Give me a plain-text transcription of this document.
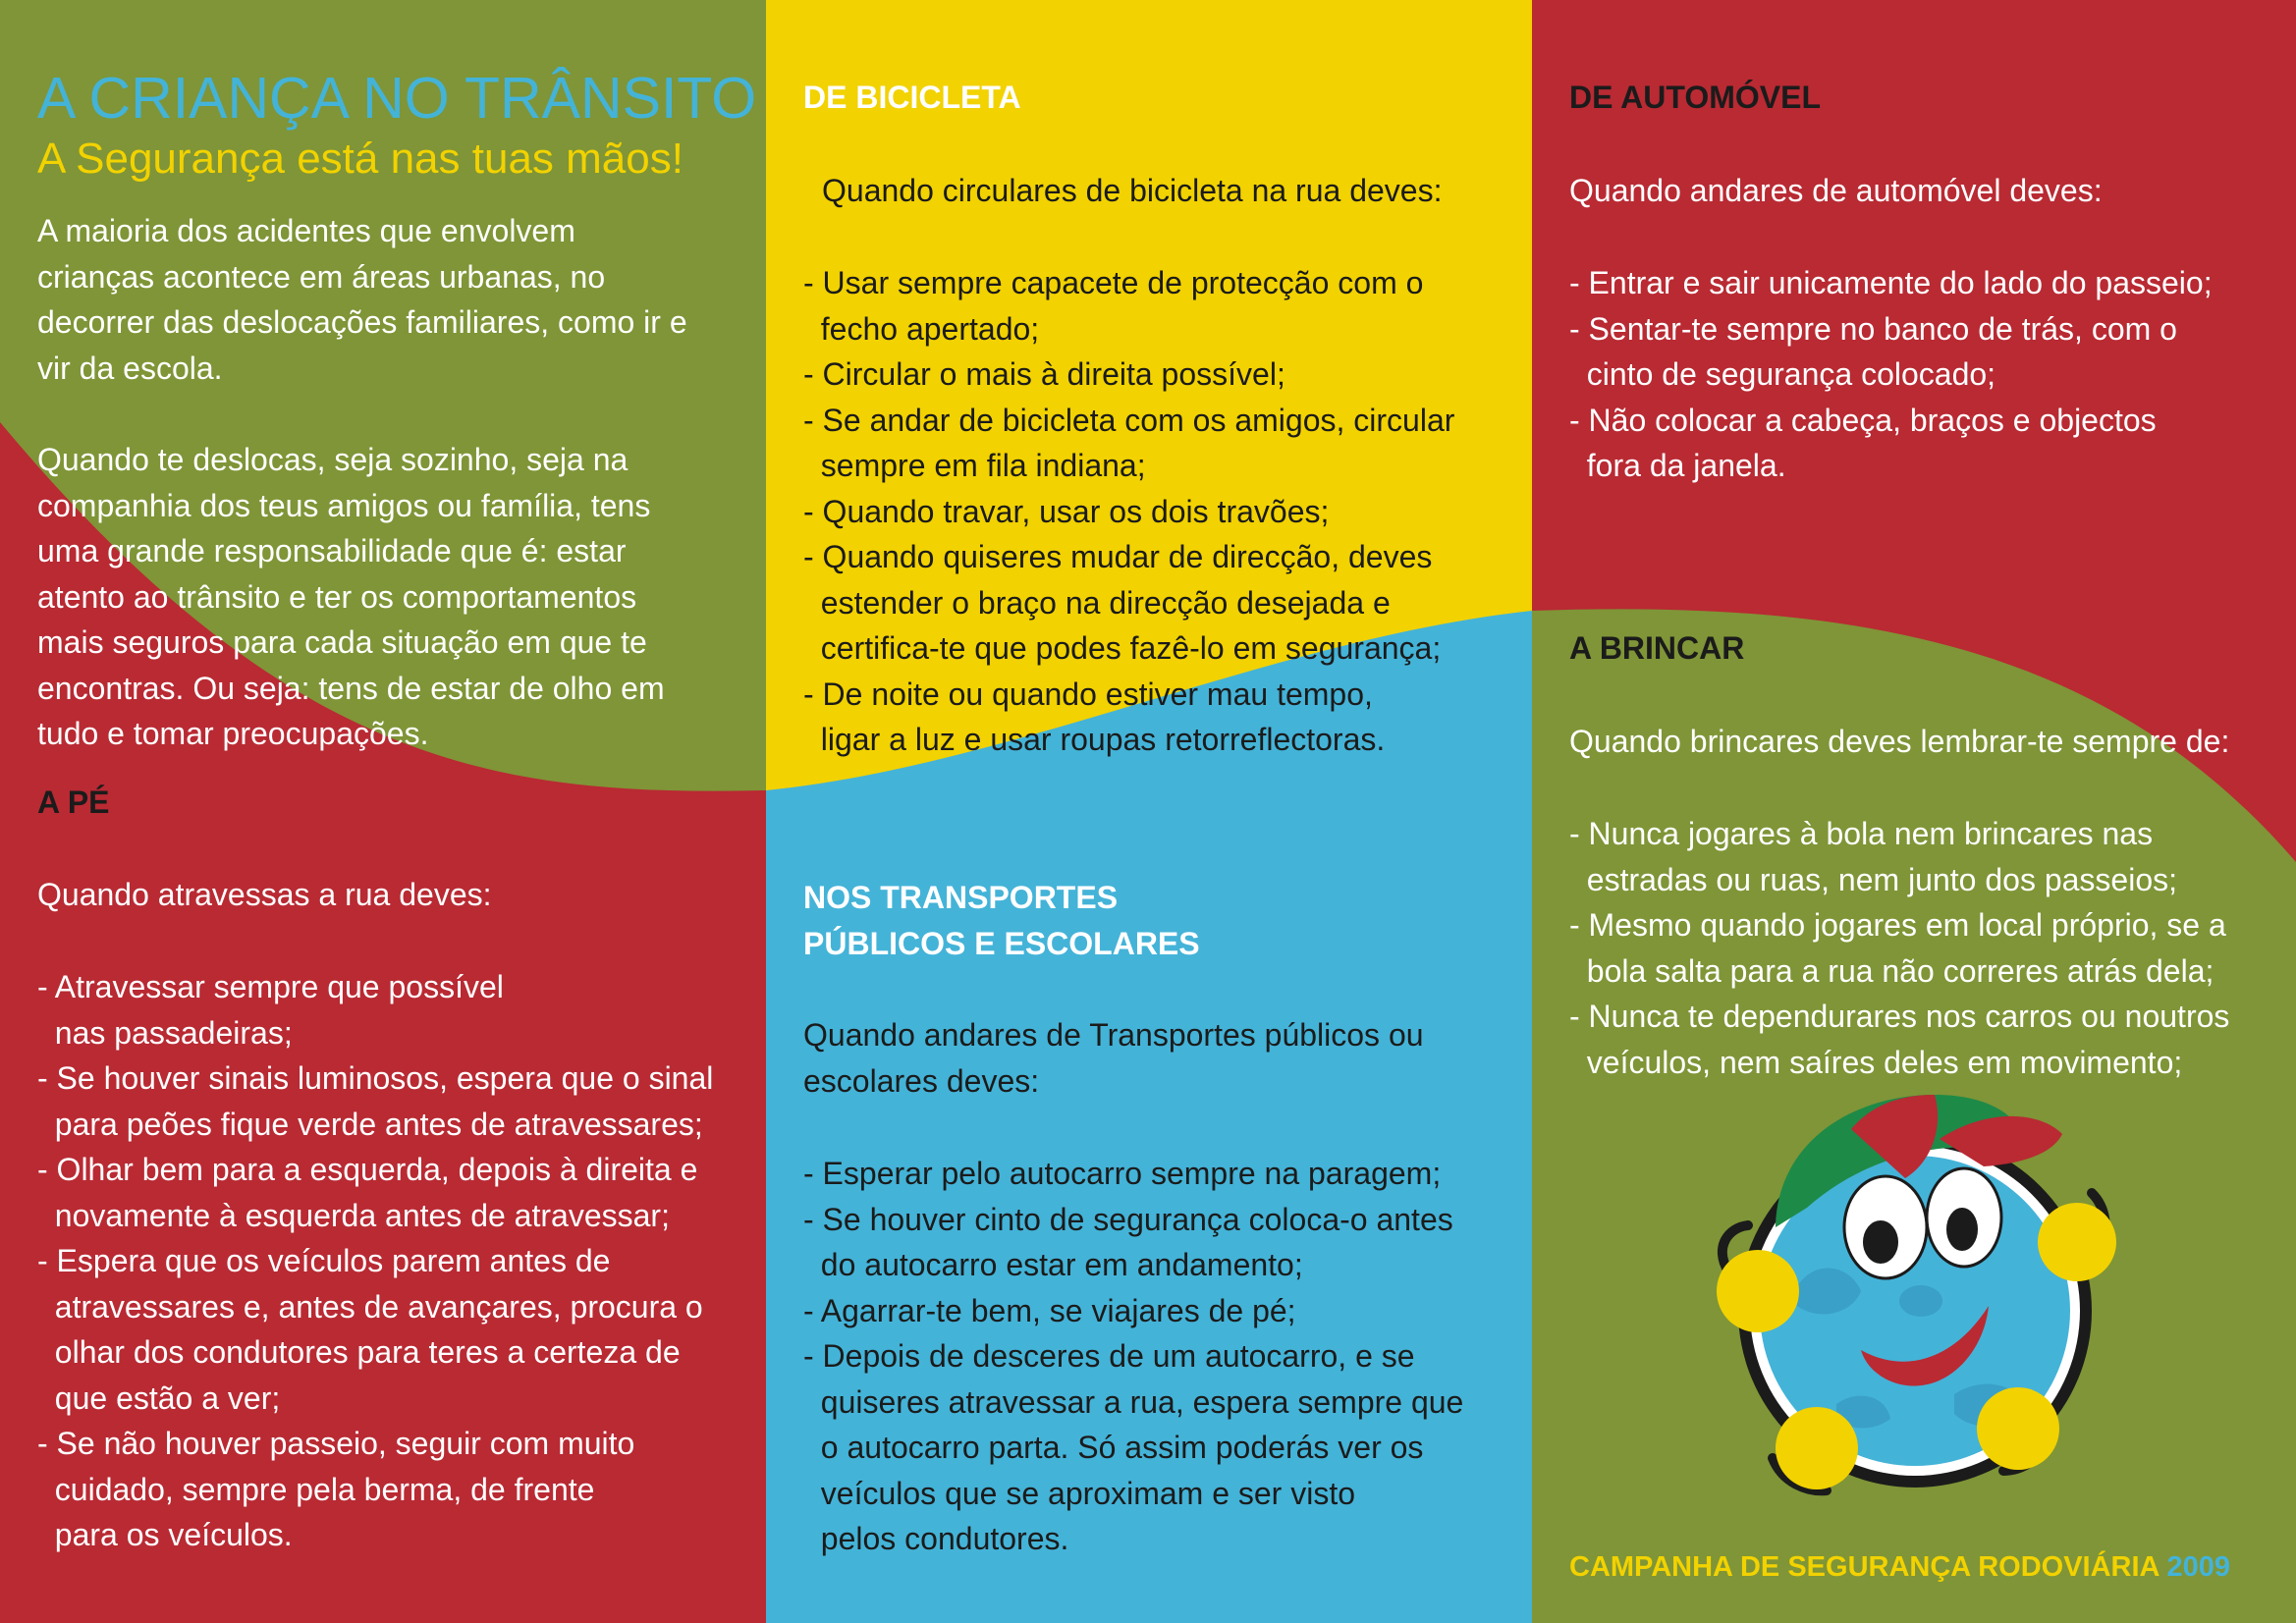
A CRIANÇA NO TRÂNSITO
A Segurança está nas tuas mãos!
A maioria dos acidentes que envolvem
crianças acontece em áreas urbanas, no
decorrer das deslocações familiares, como ir e
vir da escola.
Quando te deslocas, seja sozinho, seja na
companhia dos teus amigos ou família, tens
uma grande responsabilidade que é: estar
atento ao trânsito e ter os comportamentos
mais seguros para cada situação em que te
encontras. Ou seja: tens de estar de olho em
tudo e tomar preocupações.
A PÉ
Quando atravessas a rua deves:
- Atravessar sempre que possível
nas passadeiras;
- Se houver sinais luminosos, espera que o sinal
para peões fique verde antes de atravessares;
- Olhar bem para a esquerda, depois à direita e
novamente à esquerda antes de atravessar;
- Espera que os veículos parem antes de
atravessares e, antes de avançares, procura o
olhar dos condutores para teres a certeza de
que estão a ver;
- Se não houver passeio, seguir com muito
cuidado, sempre pela berma, de frente
para os veículos.
DE BICICLETA
Quando circulares de bicicleta na rua deves:
- Usar sempre capacete de protecção com o
fecho apertado;
- Circular o mais à direita possível;
- Se andar de bicicleta com os amigos, circular
sempre em fila indiana;
- Quando travar, usar os dois travões;
- Quando quiseres mudar de direcção, deves
estender o braço na direcção desejada e
certifica-te que podes fazê-lo em segurança;
- De noite ou quando estiver mau tempo,
ligar a luz e usar roupas retorreflectoras.
NOS TRANSPORTES
PÚBLICOS E ESCOLARES
Quando andares de Transportes públicos ou
escolares deves:
- Esperar pelo autocarro sempre na paragem;
- Se houver cinto de segurança coloca-o antes
do autocarro estar em andamento;
- Agarrar-te bem, se viajares de pé;
- Depois de desceres de um autocarro, e se
quiseres atravessar a rua, espera sempre que
o autocarro parta. Só assim poderás ver os
veículos que se aproximam e ser visto
pelos condutores.
DE AUTOMÓVEL
Quando andares de automóvel deves:
- Entrar e sair unicamente do lado do passeio;
- Sentar-te sempre no banco de trás, com o
cinto de segurança colocado;
- Não colocar a cabeça, braços e objectos
fora da janela.
A BRINCAR
Quando brincares deves lembrar-te sempre de:
- Nunca jogares à bola nem brincares nas
estradas ou ruas, nem junto dos passeios;
- Mesmo quando jogares em local próprio, se a
bola salta para a rua não correres atrás dela;
- Nunca te dependurares nos carros ou noutros
veículos, nem saíres deles em movimento;
CAMPANHA DE SEGURANÇA RODOVIÁRIA 2009
